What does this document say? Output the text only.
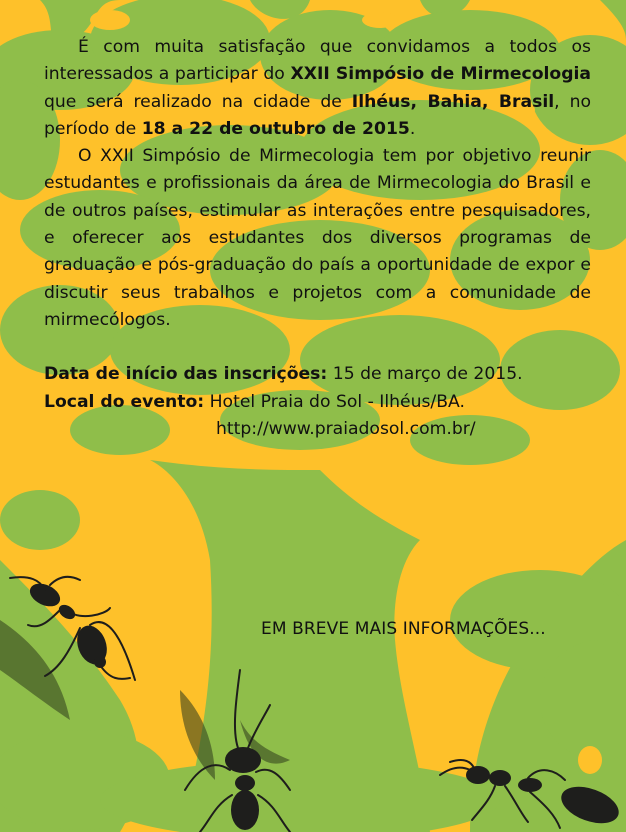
É com muita satisfação que convidamos a todos os interessados a participar do XXII Simpósio de Mirmecologia que será realizado na cidade de Ilhéus, Bahia, Brasil, no período de 18 a 22 de outubro de 2015.

O XXII Simpósio de Mirmecologia tem por objetivo reunir estudantes e profissionais da área de Mirmecologia do Brasil e de outros países, estimular as interações entre pesquisadores, e oferecer aos estudantes dos diversos programas de graduação e pós-graduação do país a oportunidade de expor e discutir seus trabalhos e projetos com a comunidade de mirmecólogos.

Data de início das inscrições: 15 de março de 2015.

Local do evento: Hotel Praia do Sol - Ilhéus/BA.

http://www.praiadosol.com.br/

EM BREVE MAIS INFORMAÇÕES...
